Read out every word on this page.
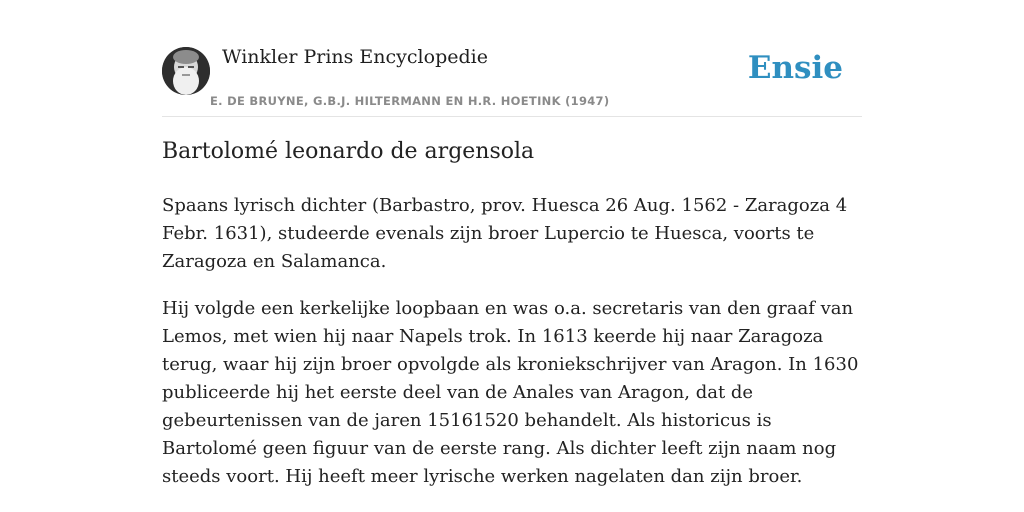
Winkler Prins Encyclopedie
E. DE BRUYNE, G.B.J. HILTERMANN EN H.R. HOETINK (1947)
Ensie
Bartolomé leonardo de argensola

Spaans lyrisch dichter (Barbastro, prov. Huesca 26 Aug. 1562 - Zaragoza 4 Febr. 1631), studeerde evenals zijn broer Lupercio te Huesca, voorts te Zaragoza en Salamanca.

Hij volgde een kerkelijke loopbaan en was o.a. secretaris van den graaf van Lemos, met wien hij naar Napels trok. In 1613 keerde hij naar Zaragoza terug, waar hij zijn broer opvolgde als kroniekschrijver van Aragon. In 1630 publiceerde hij het eerste deel van de Anales van Aragon, dat de gebeurtenissen van de jaren 15161520 behandelt. Als historicus is Bartolomé geen figuur van de eerste rang. Als dichter leeft zijn naam nog steeds voort. Hij heeft meer lyrische werken nagelaten dan zijn broer.
